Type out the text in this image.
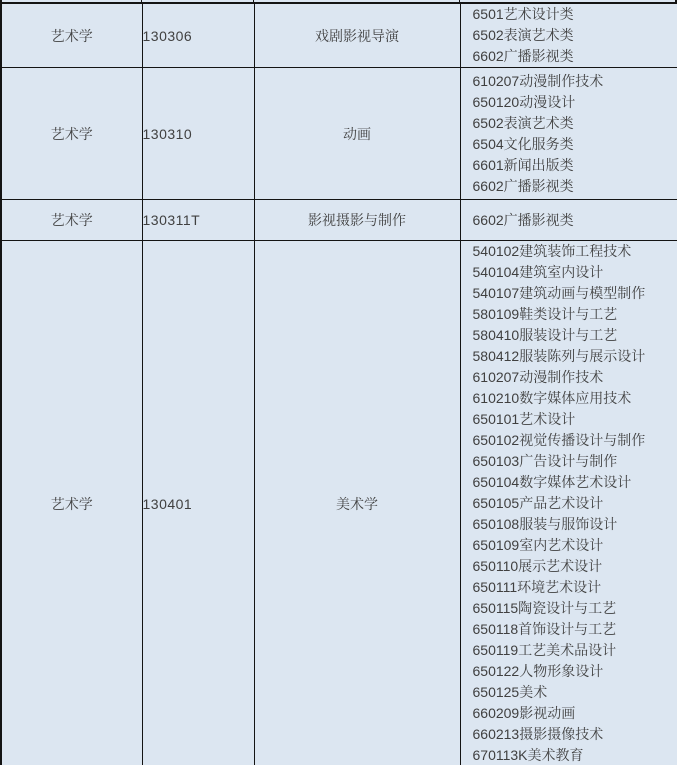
艺术学	130306	戏剧影视导演	6501艺术设计类
6502表演艺术类
6602广播影视类

艺术学	130310	动画	
610207动漫制作技术
650120动漫设计
6502表演艺术类
6504文化服务类
6601新闻出版类
6602广播影视类

艺术学	130311T	影视摄影与制作	6602广播影视类

艺术学	130401	美术学	
540102建筑装饰工程技术
540104建筑室内设计
540107建筑动画与模型制作
580109鞋类设计与工艺
580410服装设计与工艺
580412服装陈列与展示设计
610207动漫制作技术
610210数字媒体应用技术
650101艺术设计
650102视觉传播设计与制作
650103广告设计与制作
650104数字媒体艺术设计
650105产品艺术设计
650108服装与服饰设计
650109室内艺术设计
650110展示艺术设计
650111环境艺术设计
650115陶瓷设计与工艺
650118首饰设计与工艺
650119工艺美术品设计
650122人物形象设计
650125美术
660209影视动画
660213摄影摄像技术
670113K美术教育
